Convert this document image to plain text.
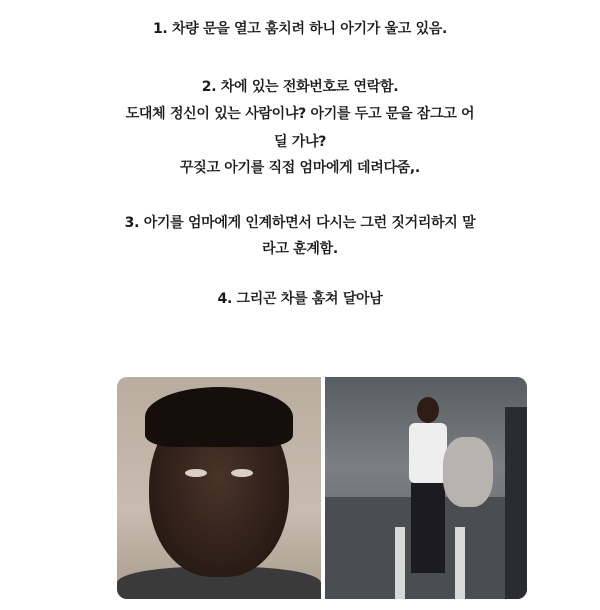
1. 차량 문을 열고 훔치려 하니 아기가 울고 있음.
2. 차에 있는 전화번호로 연락함.
도대체 정신이 있는 사람이냐? 아기를 두고 문을 잠그고 어
딜 가냐?
꾸짖고 아기를 직접 엄마에게 데려다줌,.
3. 아기를 엄마에게 인계하면서 다시는 그런 짓거리하지 말
라고 훈계함.
4. 그리곤 차를 훔쳐 달아남
